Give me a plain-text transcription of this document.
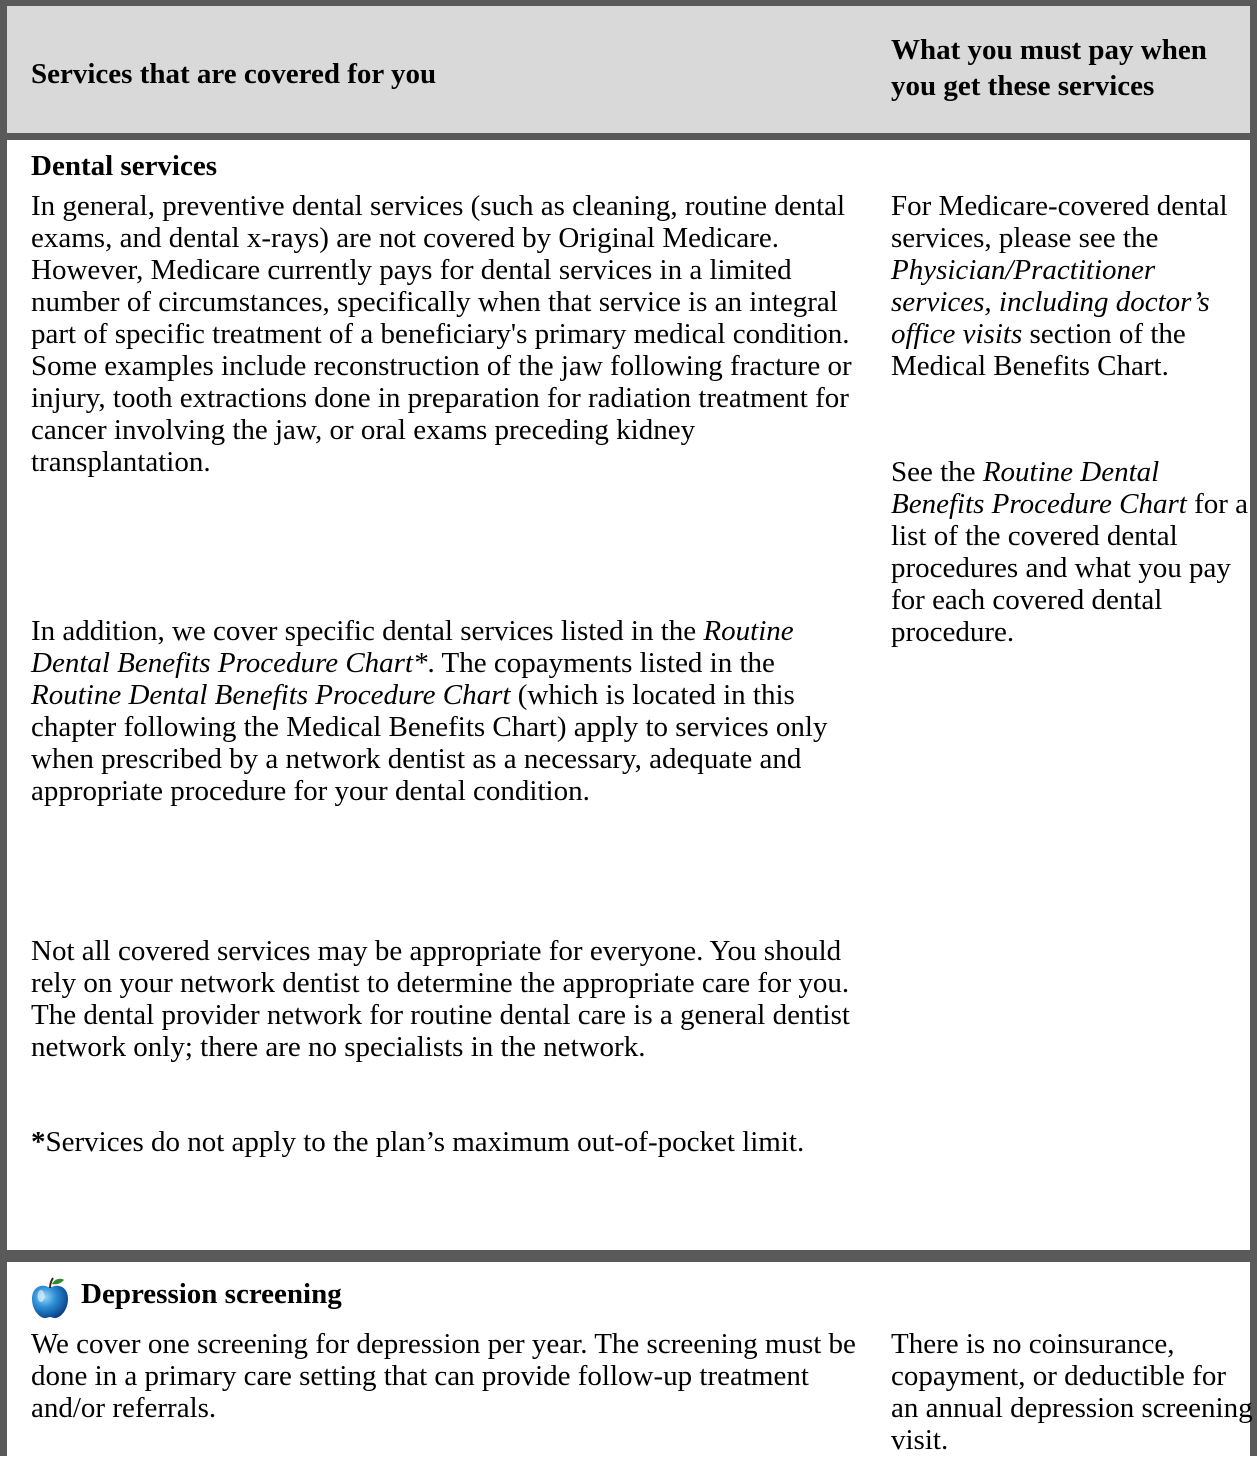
Services that are covered for you
What you must pay when you get these services
Dental services

In general, preventive dental services (such as cleaning, routine dental exams, and dental x-rays) are not covered by Original Medicare. However, Medicare currently pays for dental services in a limited number of circumstances, specifically when that service is an integral part of specific treatment of a beneficiary's primary medical condition. Some examples include reconstruction of the jaw following fracture or injury, tooth extractions done in preparation for radiation treatment for cancer involving the jaw, or oral exams preceding kidney transplantation.

In addition, we cover specific dental services listed in the Routine Dental Benefits Procedure Chart*. The copayments listed in the Routine Dental Benefits Procedure Chart (which is located in this chapter following the Medical Benefits Chart) apply to services only when prescribed by a network dentist as a necessary, adequate and appropriate procedure for your dental condition.

Not all covered services may be appropriate for everyone. You should rely on your network dentist to determine the appropriate care for you. The dental provider network for routine dental care is a general dentist network only; there are no specialists in the network.

*Services do not apply to the plan’s maximum out-of-pocket limit.

For Medicare-covered dental services, please see the Physician/Practitioner services, including doctor’s office visits section of the Medical Benefits Chart.

See the Routine Dental Benefits Procedure Chart for a list of the covered dental procedures and what you pay for each covered dental procedure.

Depression screening

We cover one screening for depression per year. The screening must be done in a primary care setting that can provide follow-up treatment and/or referrals.

There is no coinsurance, copayment, or deductible for an annual depression screening visit.
